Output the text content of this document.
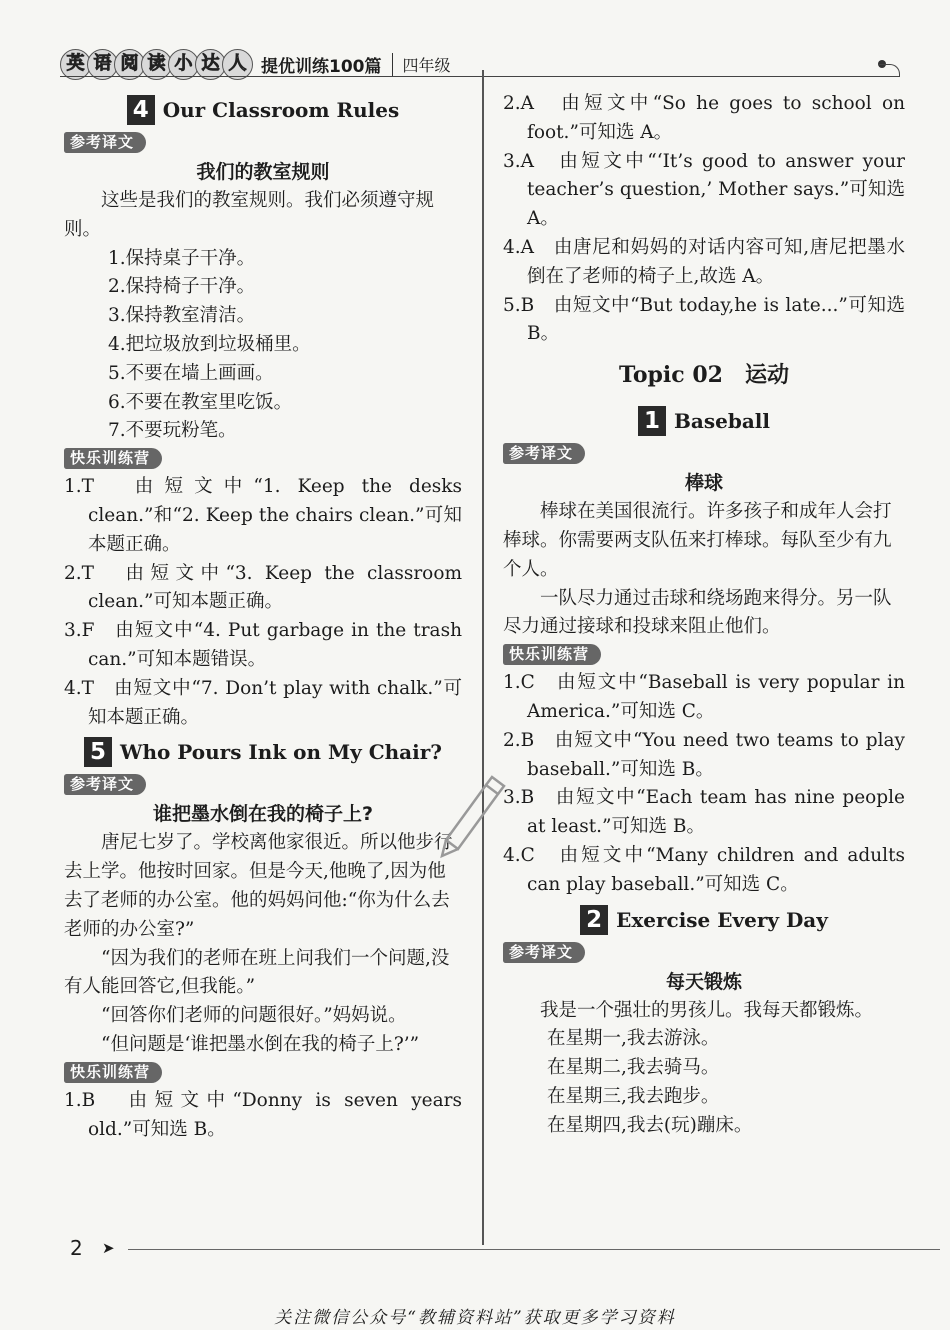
英 语 阅 读 小 达 人 提优训练100篇	四年级
4 Our Classroom Rules
参考译文
我们的教室规则
这些是我们的教室规则。我们必须遵守规则。
1.保持桌子干净。
2.保持椅子干净。
3.保持教室清洁。
4.把垃圾放到垃圾桶里。
5.不要在墙上画画。
6.不要在教室里吃饭。
7.不要玩粉笔。
快乐训练营
1.T　由短文中“1. Keep the desks clean.”和“2. Keep the chairs clean.”可知本题正确。
2.T　由短文中“3. Keep the classroom clean.”可知本题正确。
3.F　由短文中“4. Put garbage in the trash can.”可知本题错误。
4.T　由短文中“7. Don’t play with chalk.”可知本题正确。
5 Who Pours Ink on My Chair?
参考译文
谁把墨水倒在我的椅子上?
唐尼七岁了。学校离他家很近。所以他步行去上学。他按时回家。但是今天,他晚了,因为他去了老师的办公室。他的妈妈问他:“你为什么去老师的办公室?”
“因为我们的老师在班上问我们一个问题,没有人能回答它,但我能。”
“回答你们老师的问题很好。”妈妈说。
“但问题是‘谁把墨水倒在我的椅子上?’”
快乐训练营
1.B　由短文中“Donny is seven years old.”可知选 B。
2.A　由短文中“So he goes to school on foot.”可知选 A。
3.A　由短文中“‘It’s good to answer your teacher’s question,’ Mother says.”可知选 A。
4.A　由唐尼和妈妈的对话内容可知,唐尼把墨水倒在了老师的椅子上,故选 A。
5.B　由短文中“But today,he is late...”可知选 B。
Topic 02　运动
1 Baseball
参考译文
棒球
棒球在美国很流行。许多孩子和成年人会打棒球。你需要两支队伍来打棒球。每队至少有九个人。
一队尽力通过击球和绕场跑来得分。另一队尽力通过接球和投球来阻止他们。
快乐训练营
1.C　由短文中“Baseball is very popular in America.”可知选 C。
2.B　由短文中“You need two teams to play baseball.”可知选 B。
3.B　由短文中“Each team has nine people at least.”可知选 B。
4.C　由短文中“Many children and adults can play baseball.”可知选 C。
2 Exercise Every Day
参考译文
每天锻炼
我是一个强壮的男孩儿。我每天都锻炼。
在星期一,我去游泳。
在星期二,我去骑马。
在星期三,我去跑步。
在星期四,我去(玩)蹦床。
2 ➤
关注微信公众号“教辅资料站”获取更多学习资料
